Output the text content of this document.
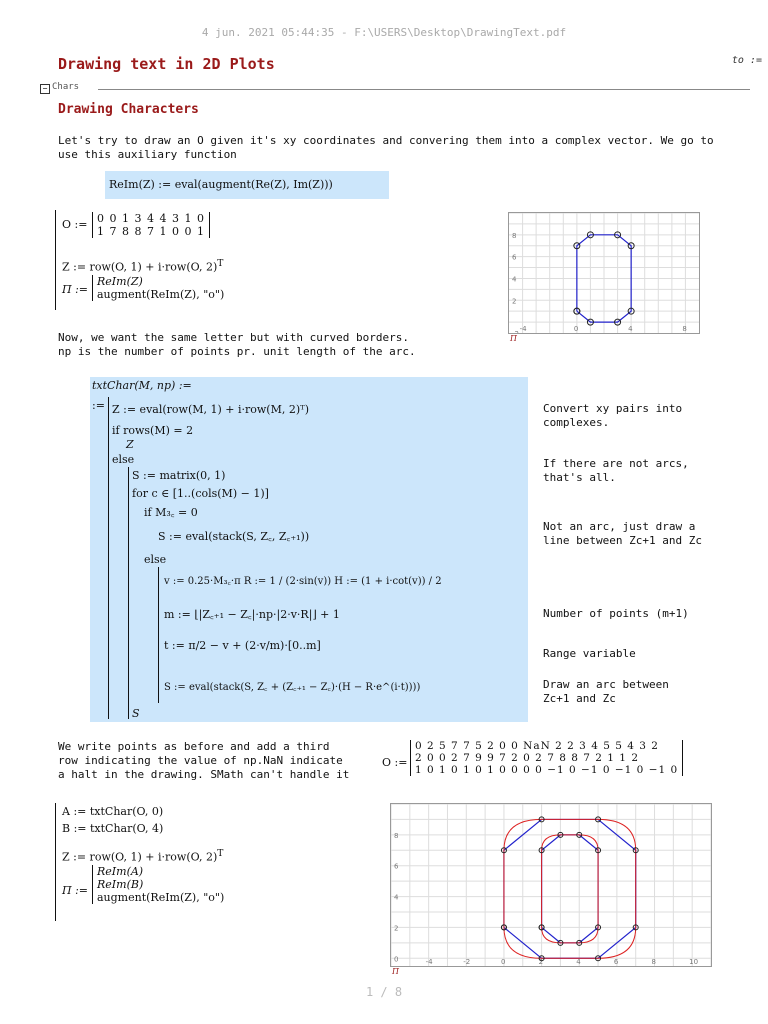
4 jun. 2021 05:44:35 - F:\USERS\Desktop\DrawingText.pdf
Drawing text in 2D Plots	to :=
− Chars
Drawing Characters
Let's try to draw an O given it's xy coordinates and convering them into a complex vector. We go to
use this auxiliary function
ReIm(Z) := eval(augment(Re(Z), Im(Z)))
O := 0 0 1 3 4 4 3 1 0
1 7 8 8 7 1 0 0 1
Z := row(O, 1) + i·row(O, 2)$^T$
Π :=
ReIm(Z)
augment(ReIm(Z), "o")
8
6
4
2
-4	0	4	8
Π
Now, we want the same letter but with curved borders.
np is the number of points pr. unit length of the arc.
txtChar(M, np) :=
:= Z := eval(row(M, 1) + i·row(M, 2)ᵀ)
if rows(M) = 2
Z
else
S := matrix(0, 1)
for c ∈ [1..(cols(M) − 1)]
if M₃꜀ = 0
S := eval(stack(S, Z꜀, Z꜀₊₁))
else
v := 0.25·M₃꜀·π R := 1 / (2·sin(v)) H := (1 + i·cot(v)) / 2
m := ⌊|Z꜀₊₁ − Z꜀|·np·|2·v·R|⌋ + 1
t := π/2 − v + (2·v/m)·[0..m]
S := eval(stack(S, Z꜀ + (Z꜀₊₁ − Z꜀)·(H − R·e^(i·t))))
S
Convert xy pairs into complexes.
If there are not arcs, that's all.
Not an arc, just draw a line between Zc+1 and Zc
Number of points (m+1)
Range variable
Draw an arc between Zc+1 and Zc
We write points as before and add a third
row indicating the value of np.NaN indicate
a halt in the drawing. SMath can't handle it
O :=
0 2 5 7 7 5 2 0 0 NaN 2 2 3 4 5 5 4 3 2
2 0 0 2 7 9 9 7 2 0 2 7 8 8 7 2 1 1 2
1 0 1 0 1 0 1 0 0 0 0 −1 0 −1 0 −1 0 −1 0
A := txtChar(O, 0)
B := txtChar(O, 4)
Z := row(O, 1) + i·row(O, 2)$^T$
Π :=
ReIm(A)
ReIm(B)
augment(ReIm(Z), "o")
8
6
4
2
0	-4	-2	0	2	4	6	8	10
Π
1 / 8
